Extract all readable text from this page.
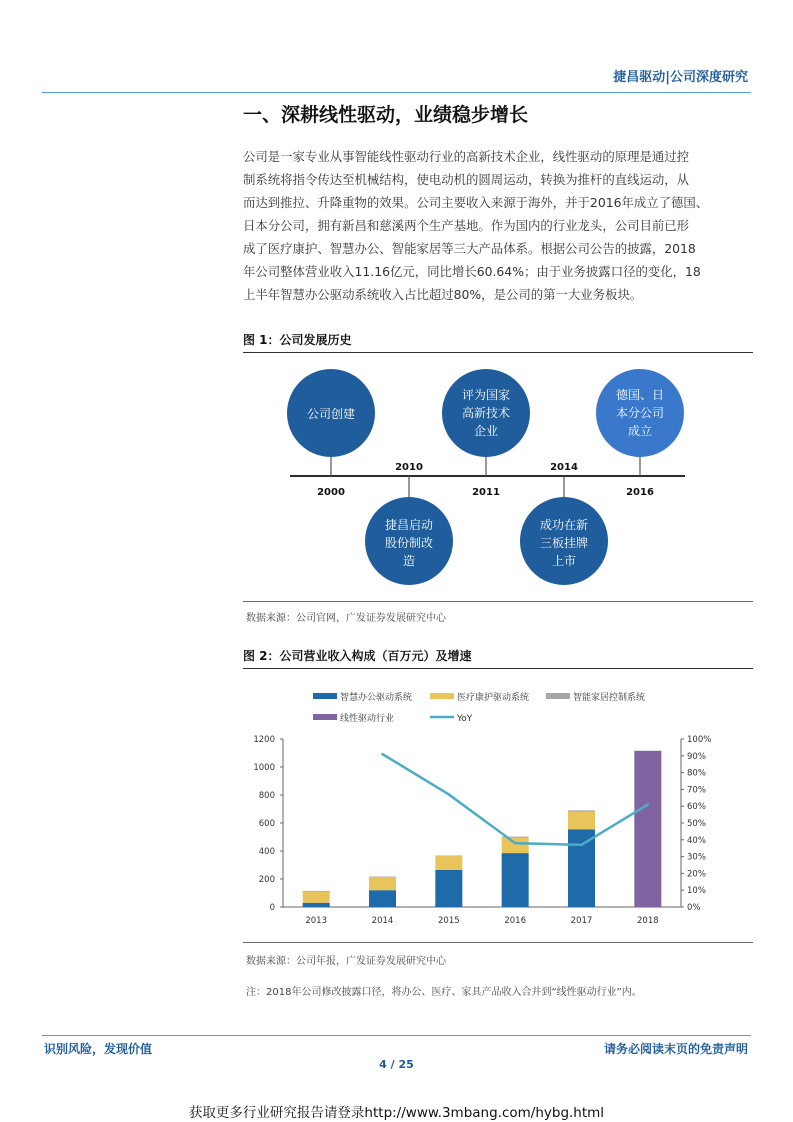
捷昌驱动|公司深度研究
一、深耕线性驱动，业绩稳步增长
公司是一家专业从事智能线性驱动行业的高新技术企业，线性驱动的原理是通过控
制系统将指令传达至机械结构，使电动机的圆周运动，转换为推杆的直线运动，从
而达到推拉、升降重物的效果。公司主要收入来源于海外，并于2016年成立了德国、
日本分公司，拥有新昌和慈溪两个生产基地。作为国内的行业龙头，公司目前已形
成了医疗康护、智慧办公、智能家居等三大产品体系。根据公司公告的披露，2018
年公司整体营业收入11.16亿元，同比增长60.64%；由于业务披露口径的变化，18
上半年智慧办公驱动系统收入占比超过80%，是公司的第一大业务板块。
图 1：公司发展历史
公司创建
评为国家
高新技术
企业
德国、日
本分公司
成立
捷昌启动
股份制改
造
成功在新
三板挂牌
上市
2000	2011	2016
2010	2014
数据来源：公司官网，广发证券发展研究中心
图 2：公司营业收入构成（百万元）及增速
智慧办公驱动系统	医疗康护驱动系统	智能家居控制系统
线性驱动行业	YoY
0
200
400
600
800
1000
1200
0%
10%
20%
30%
40%
50%
60%
70%
80%
90%
100%
2013	2014	2015	2016	2017	2018
数据来源：公司年报，广发证券发展研究中心
注：2018年公司修改披露口径，将办公、医疗、家具产品收入合并到“线性驱动行业”内。
识别风险，发现价值	请务必阅读末页的免责声明
4 / 25
获取更多行业研究报告请登录http://www.3mbang.com/hybg.html
